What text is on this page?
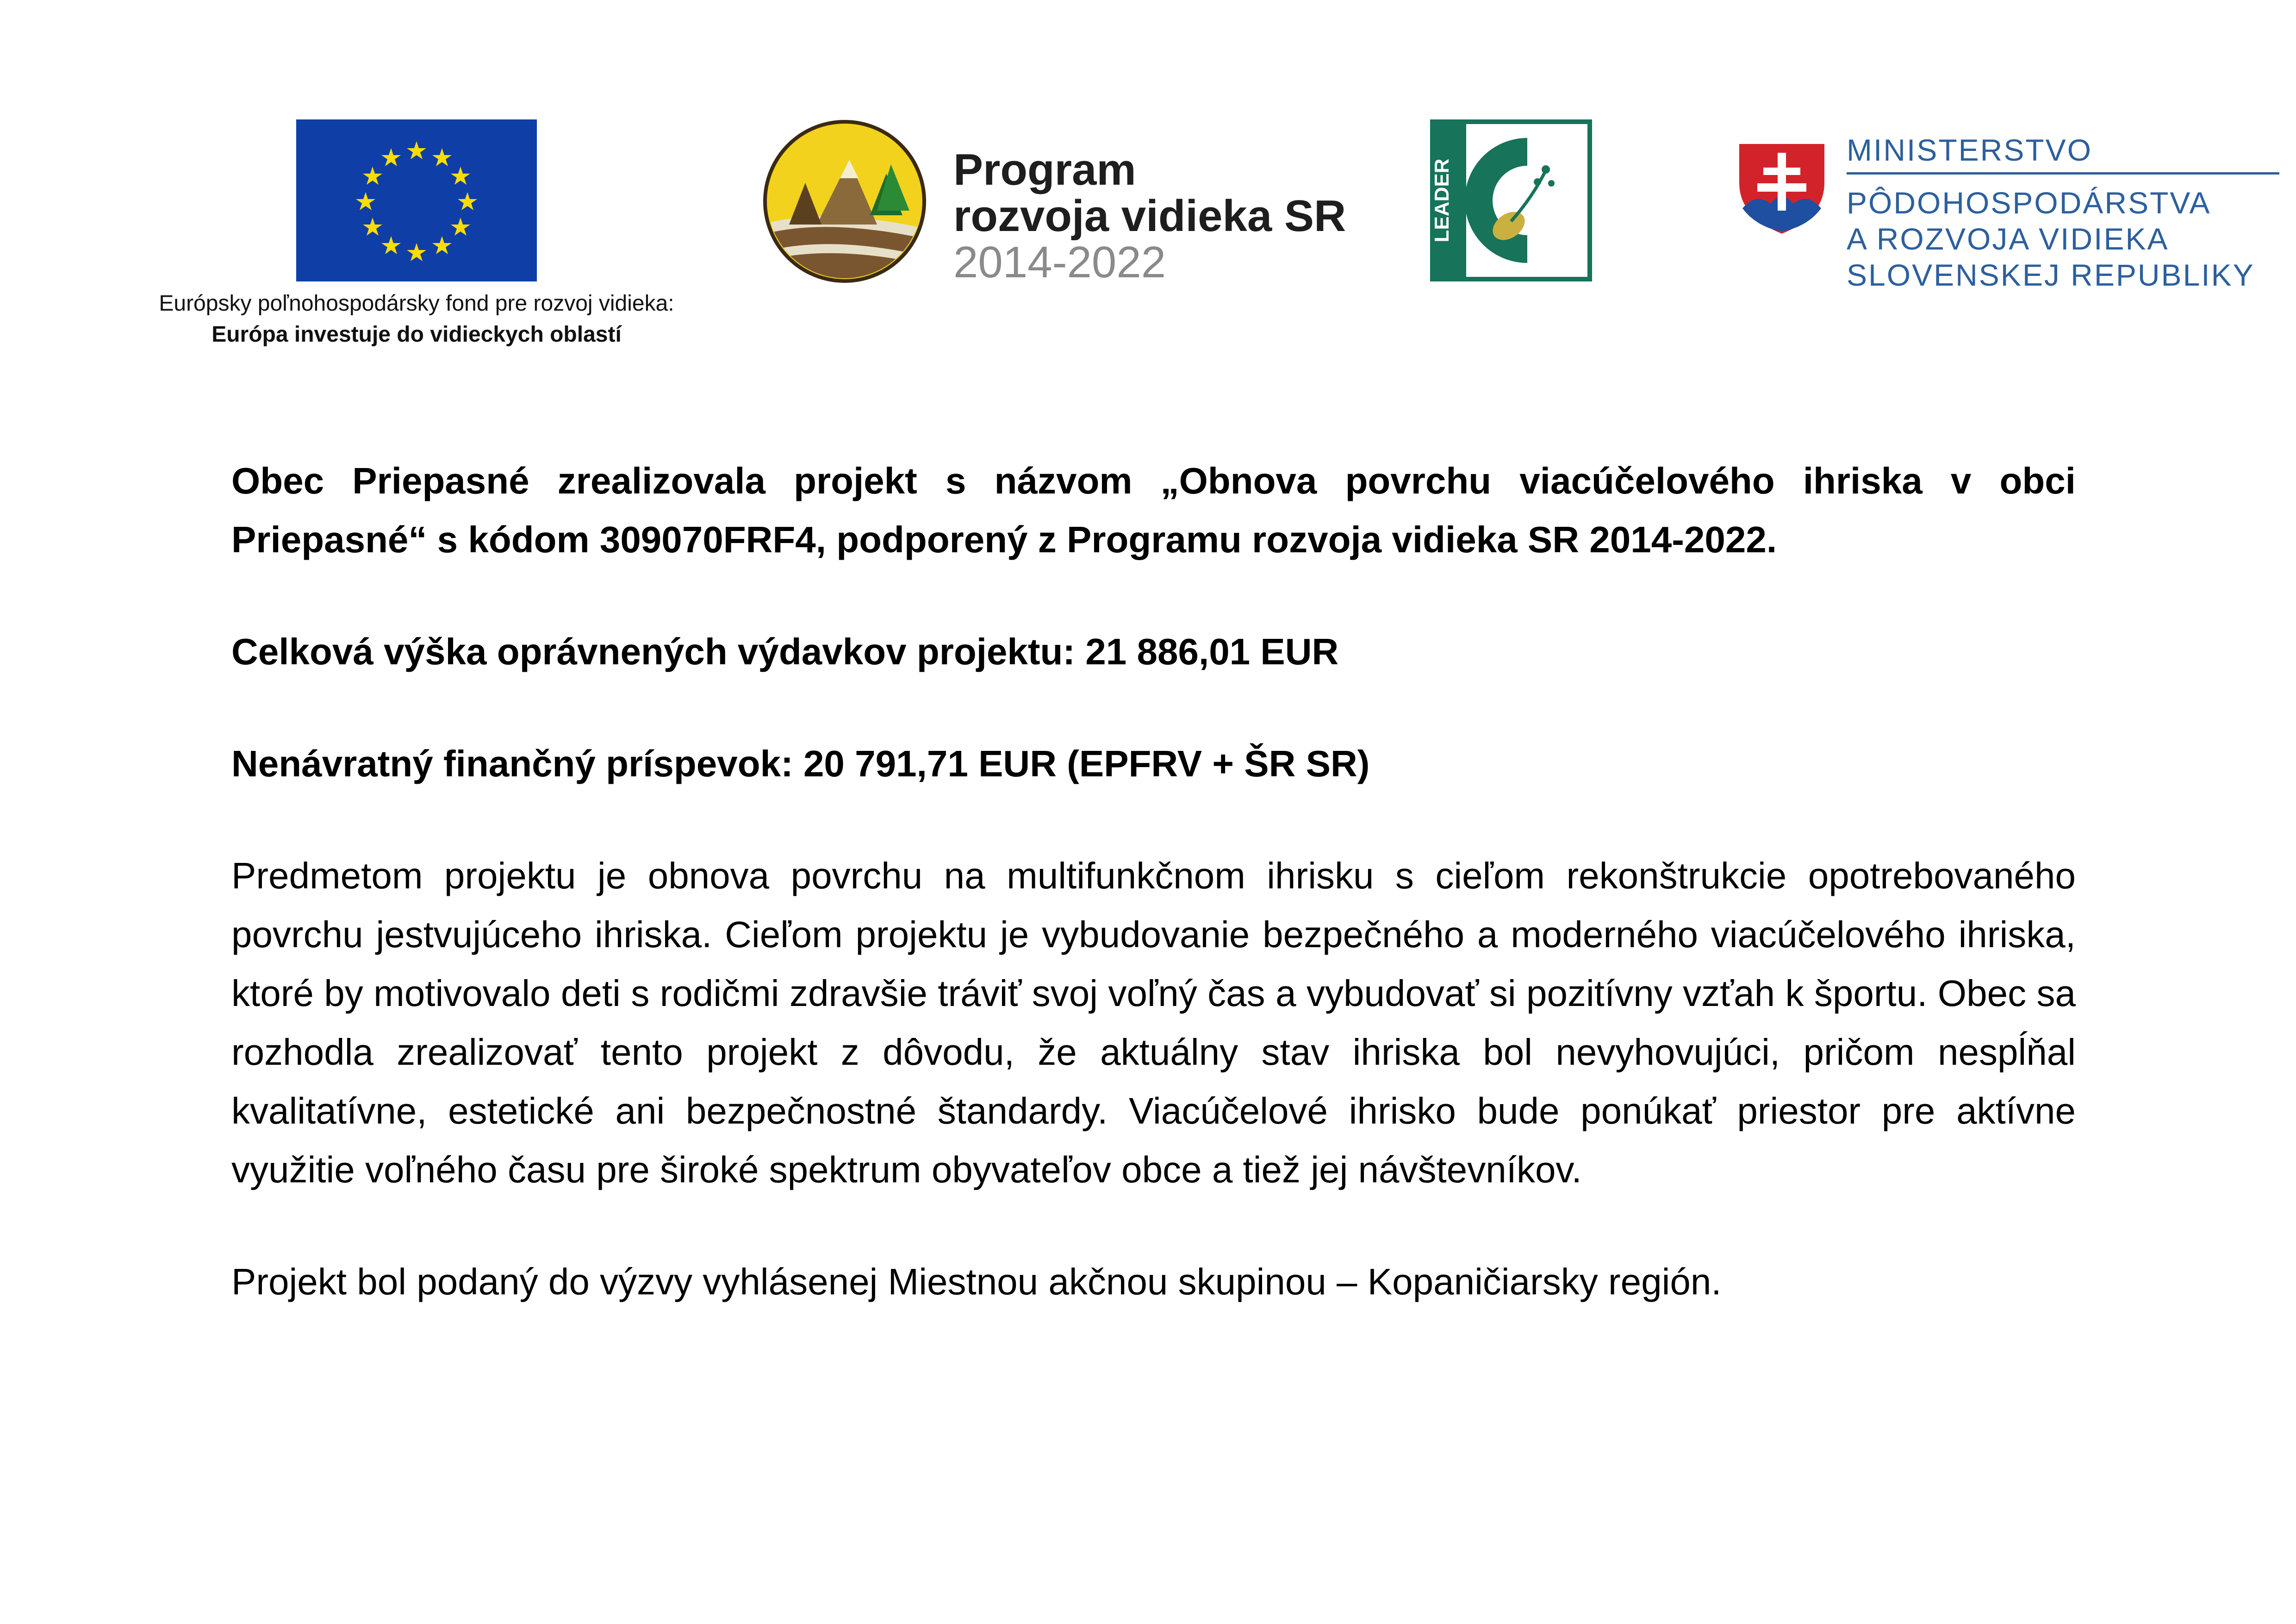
Európsky poľnohospodársky fond pre rozvoj vidieka:
Európa investuje do vidieckych oblastí
Program
rozvoja vidieka SR
2014-2022
LEADER
MINISTERSTVO
PÔDOHOSPODÁRSTVA
A ROZVOJA VIDIEKA
SLOVENSKEJ REPUBLIKY

Obec Priepasné zrealizovala projekt s názvom „Obnova povrchu viacúčelového ihriska v obci Priepasné“ s kódom 309070FRF4, podporený z Programu rozvoja vidieka SR 2014-2022.

Celková výška oprávnených výdavkov projektu: 21 886,01 EUR

Nenávratný finančný príspevok: 20 791,71 EUR (EPFRV + ŠR SR)

Predmetom projektu je obnova povrchu na multifunkčnom ihrisku s cieľom rekonštrukcie opotrebovaného povrchu jestvujúceho ihriska. Cieľom projektu je vybudovanie bezpečného a moderného viacúčelového ihriska, ktoré by motivovalo deti s rodičmi zdravšie tráviť svoj voľný čas a vybudovať si pozitívny vzťah k športu. Obec sa rozhodla zrealizovať tento projekt z dôvodu, že aktuálny stav ihriska bol nevyhovujúci, pričom nespĺňal kvalitatívne, estetické ani bezpečnostné štandardy. Viacúčelové ihrisko bude ponúkať priestor pre aktívne využitie voľného času pre široké spektrum obyvateľov obce a tiež jej návštevníkov.

Projekt bol podaný do výzvy vyhlásenej Miestnou akčnou skupinou – Kopaničiarsky región.
